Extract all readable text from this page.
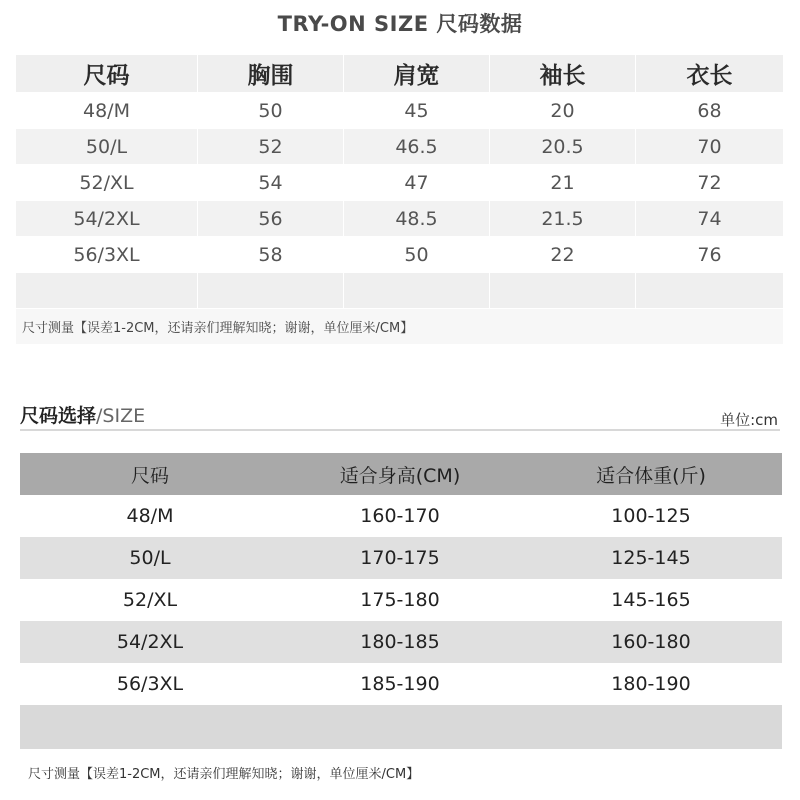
TRY-ON SIZE 尺码数据
尺码	胸围	肩宽	袖长	衣长
48/M	50	45	20	68
50/L	52	46.5	20.5	70
52/XL	54	47	21	72
54/2XL	56	48.5	21.5	74
56/3XL	58	50	22	76

尺寸测量【误差1-2CM，还请亲们理解知晓；谢谢，单位厘米/CM】				
尺码选择/SIZE	单位:cm
尺码	适合身高(CM)	适合体重(斤)
48/M	160-170	100-125
50/L	170-175	125-145
52/XL	175-180	145-165
54/2XL	180-185	160-180
56/3XL	185-190	180-190

尺寸测量【误差1-2CM，还请亲们理解知晓；谢谢，单位厘米/CM】		
